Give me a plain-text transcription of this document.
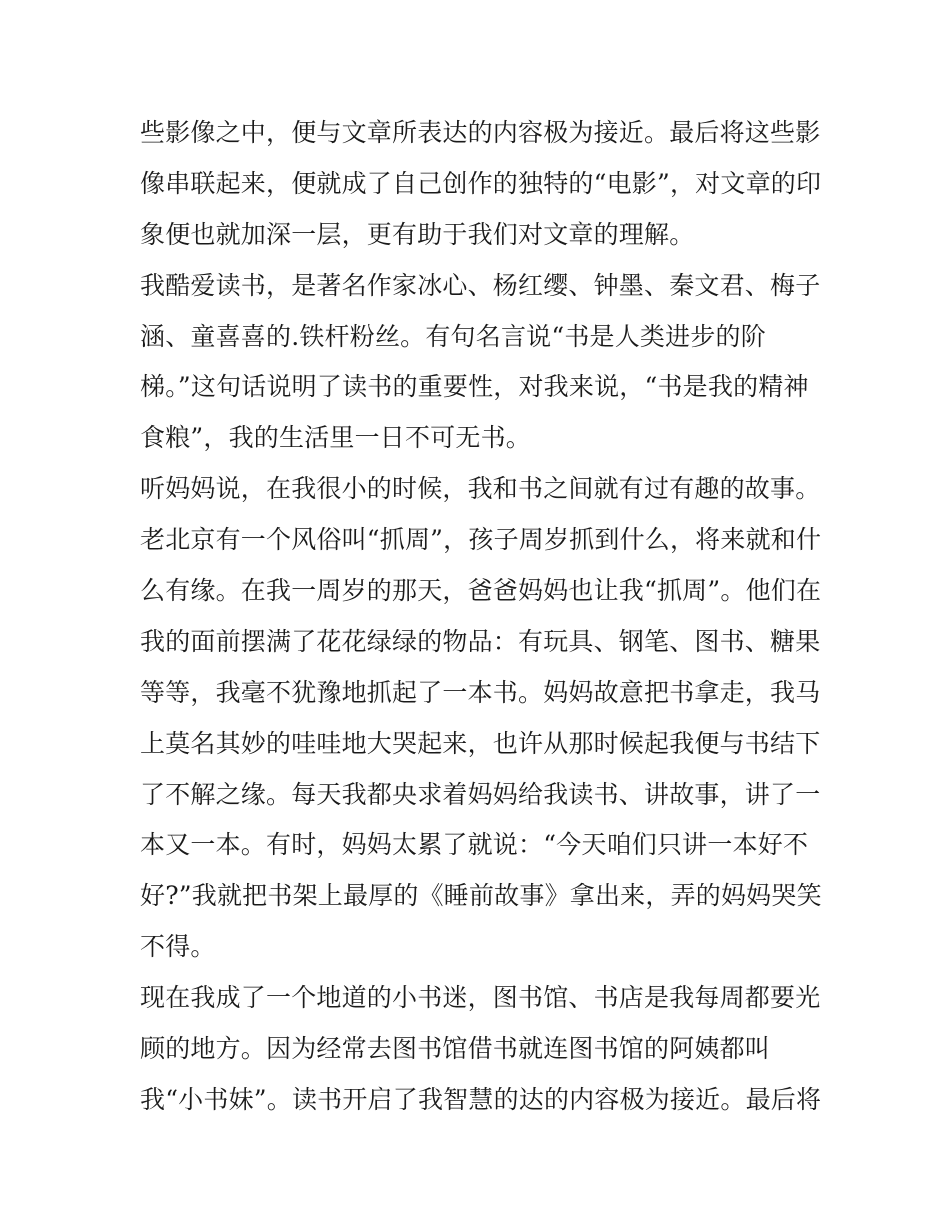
些影像之中，便与文章所表达的内容极为接近。最后将这些影
像串联起来，便就成了自己创作的独特的“电影”，对文章的印
象便也就加深一层，更有助于我们对文章的理解。
我酷爱读书，是著名作家冰心、杨红缨、钟墨、秦文君、梅子
涵、童喜喜的.铁杆粉丝。有句名言说“书是人类进步的阶
梯。”这句话说明了读书的重要性，对我来说，“书是我的精神
食粮”，我的生活里一日不可无书。
听妈妈说，在我很小的时候，我和书之间就有过有趣的故事。
老北京有一个风俗叫“抓周”，孩子周岁抓到什么，将来就和什
么有缘。在我一周岁的那天，爸爸妈妈也让我“抓周”。他们在
我的面前摆满了花花绿绿的物品：有玩具、钢笔、图书、糖果
等等，我毫不犹豫地抓起了一本书。妈妈故意把书拿走，我马
上莫名其妙的哇哇地大哭起来，也许从那时候起我便与书结下
了不解之缘。每天我都央求着妈妈给我读书、讲故事，讲了一
本又一本。有时，妈妈太累了就说：“今天咱们只讲一本好不
好?”我就把书架上最厚的《睡前故事》拿出来，弄的妈妈哭笑
不得。
现在我成了一个地道的小书迷，图书馆、书店是我每周都要光
顾的地方。因为经常去图书馆借书就连图书馆的阿姨都叫
我“小书妹”。读书开启了我智慧的达的内容极为接近。最后将
